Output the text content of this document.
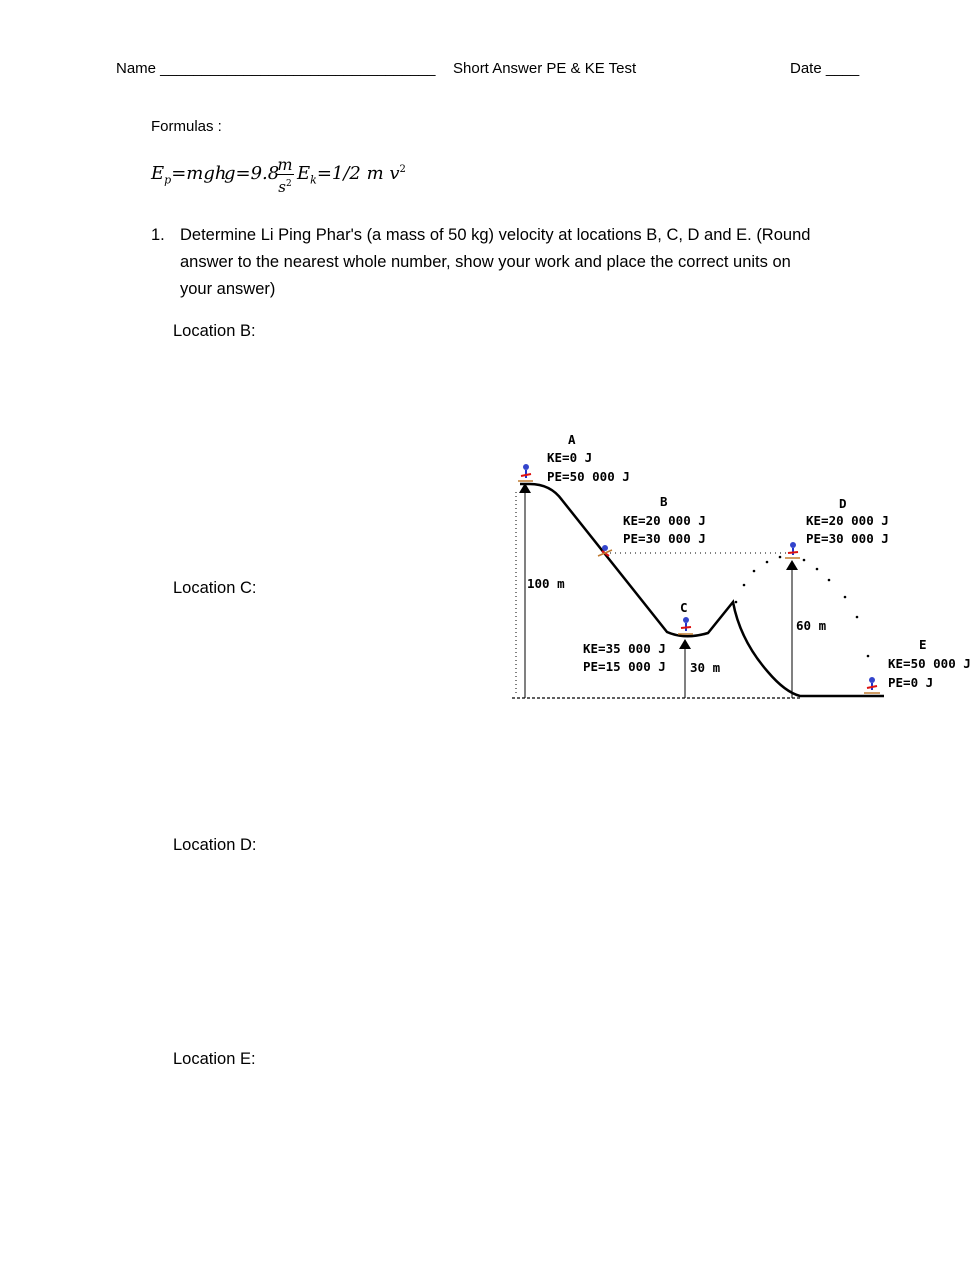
Name _________________________________ Short Answer PE & KE Test	Date ____
Formulas :
$E_p=mgh$
g=9.8
m
$s^2$ $E_k=1/2$ m $v^2$
1. Determine Li Ping Phar's (a mass of 50 kg) velocity at locations B, C, D and E. (Round
answer to the nearest whole number, show your work and place the correct units on
your answer)
Location B:
Location C:
Location D:
Location E:
A
KE=0 J
PE=50 000 J
B
KE=20 000 J
PE=30 000 J
C
KE=35 000 J
PE=15 000 J
D
KE=20 000 J
PE=30 000 J
E
KE=50 000 J
PE=0 J
100 m
30 m
60 m
